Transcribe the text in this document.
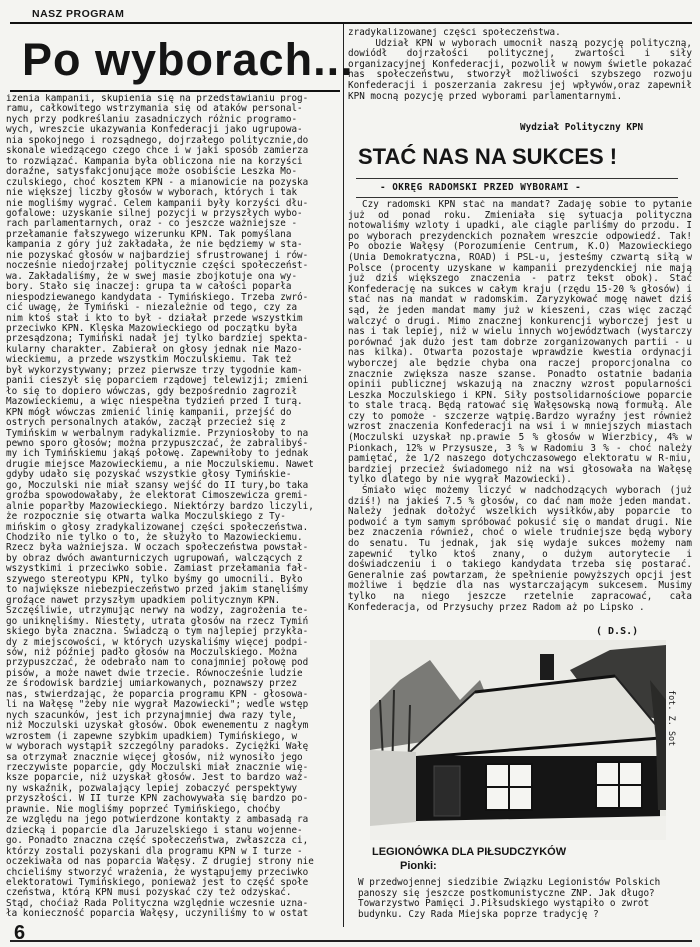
NASZ PROGRAM
Po wyborach...
izenia kampanii, skupienia się na przedstawianiu prog-
ramu, całkowitego wstrzymania się od ataków personal-
nych przy podkreślaniu zasadniczych różnic programo-
wych, wreszcie ukazywania Konfederacji jako ugrupowa-
nia spokojnego i rozsądnego, dojrzałego politycznie,do
skonale wiedzącego czego chce i w jaki sposób zamierza
to rozwiązać. Kampania była obliczona nie na korzyści
doraźne, satysfakcjonujące może osobiście Leszka Mo-
czulskiego, choć kosztem KPN - a mianowicie na pozyska
nie większej liczby głosów w wyborach, których i tak
nie mogliśmy wygrać. Celem kampanii były korzyści dłu-
gofalowe: uzyskanie silnej pozycji w przyszłych wybo-
rach parlamentarnych, oraz - co jeszcze ważniejsze -
przełamanie fałszywego wizerunku KPN. Tak pomyślana
kampania z góry już zakładała, że nie będziemy w sta-
nie pozyskać głosów w najbardziej sfrustrowanej i rów-
nocześnie niedojrzałej politycznie części społeczeńst-
wa. Zakładaliśmy, że w swej masie zbojkotuje ona wy-
bory. Stało się inaczej: grupa ta w całości poparła
niespodziewanego kandydata - Tymińskiego. Trzeba zwró-
cić uwagę, że Tymiński - niezależnie od tego, czy za
nim ktoś stał i kto to był - działał przede wszystkim
przeciwko KPN. Klęska Mazowieckiego od początku była
przesądzona; Tymiński nadał jej tylko bardziej spekta-
kularny charakter. Zabierał on głosy jednak nie Mazo-
wieckiemu, a przede wszystkim Moczulskiemu. Tak też
był wykorzystywany; przez pierwsze trzy tygodnie kam-
panii cieszył się poparciem rządowej telewizji; zmieni
ło się to dopiero wówczas, gdy bezpośrednio zagroził
Mazowieckiemu, a więc niespełna tydzień przed I turą.
KPN mógł wówczas zmienić linię kampanii, przejść do
ostrych personalnych ataków, zaczął przecież się z
Tymińskim w werbalnym radykalizmie. Przyniosłoby to na
pewno sporo głosów; można przypuszczać, że zabralibyś-
my ich Tymińskiemu jakąś połowę. Zapewniłoby to jednak
drugie miejsce Mazowieckiemu, a nie Moczulskiemu. Nawet
gdyby udało się pozyskać wszystkie głosy Tymińskie-
go, Moczulski nie miał szansy wejść do II tury,bo taka
groźba spowodowałaby, że elektorat Cimoszewicza gremi-
alnie poparłby Mazowieckiego. Niektórzy bardzo liczyli,
że rozpocznie się otwarta walka Moczulskiego z Ty-
mińskim o głosy zradykalizowanej części społeczeństwa.
Chodziło nie tylko o to, że służyło to Mazowieckiemu.
Rzecz była ważniejsza. W oczach społeczeństwa powstał-
by obraz dwóch awanturniczych ugrupowań, walczących z
wszystkimi i przeciwko sobie. Zamiast przełamania fał-
szywego stereotypu KPN, tylko byśmy go umocnili. Było
to największe niebezpieczeństwo przed jakim stanęliśmy
groźące nawet przyszłym upadkiem politycznym KPN.
Szczęśliwie, utrzymując nerwy na wodzy, zagrożenia te-
go uniknęliśmy. Niestety, utrata głosów na rzecz Tymiń
skiego była znaczna. Świadczą o tym najlepiej przykła-
dy z miejscowości, w których uzyskaliśmy więcej podpi-
sów, niż później padło głosów na Moczulskiego. Można
przypuszczać, że odebrało nam to conajmniej połowę pod
pisów, a może nawet dwie trzecie. Równocześnie ludzie
ze środowisk bardziej umiarkowanych, poznawszy przez
nas, stwierdzając, że poparcia programu KPN - głosowa-
li na Wałęsę "żeby nie wygrał Mazowiecki"; wedle wstęp
nych szacunków, jest ich przynajmniej dwa razy tyle,
niż Moczulski uzyskał głosów. Obok ewenementu z nagłym
wzrostem (i zapewne szybkim upadkiem) Tymińskiego, w
w wyborach wystąpił szczególny paradoks. Zyciężki Wałę
sa otrzymał znacznie więcej głosów, niż wynosiło jego
rzeczywiste poparcie, gdy Moczulski miał znacznie wię-
ksze poparcie, niż uzyskał głosów. Jest to bardzo waż-
ny wskaźnik, pozwalający lepiej zobaczyć perspektywy
przyszłości. W II turze KPN zachowywała się bardzo po-
prawnie. Nie mogliśmy poprzeć Tymińskiego, choćby
ze względu na jego potwierdzone kontakty z ambasadą ra
dziecką i poparcie dla Jaruzelskiego i stanu wojenne-
go. Ponadto znaczna część społeczeństwa, zwłaszcza ci,
którzy zostali pozyskani dla programu KPN w I turze -
oczekiwała od nas poparcia Wałęsy. Z drugiej strony nie
chcieliśmy stworzyć wrażenia, że wystąpujemy przeciwko
elektoratowi Tymińskiego, ponieważ jest to część społe
czeństwa, którą KPN musi pozyskać czy też odzyskać.
Stąd, choćiaż Rada Polityczna względnie wczesnie uzna-
ła konieczność poparcia Wałęsy, uczyniliśmy to w ostat

zradykalizowanej części społeczeństwa.
Udział KPN w wyborach umocnił naszą pozycję polityczną, dowiódł dojrzałości politycznej, zwartości i siły organizacyjnej Konfederacji, pozwolił w nowym świetle pokazać nas społeczeństwu, stworzył możliwości szybszego rozwoju Konfederacji i poszerzania zakresu jej wpływów,oraz zapewnił KPN mocną pozycję przed wyborami parlamentarnymi.
Wydział Polityczny KPN
STAĆ NAS NA SUKCES !
- OKRĘG RADOMSKI PRZED WYBORAMI -

Czy radomski KPN stać na mandat? Zadaję sobie to pytanie już od ponad roku. Zmieniała się sytuacja polityczna notowaliśmy wzloty i upadki, ale ciągle parliśmy do przodu. I po wyborach prezydenckich poznałem wreszcie odpowiedź. Tak! Po obozie Wałęsy (Porozumienie Centrum, K.O) Mazowieckiego (Unia Demokratyczna, ROAD) i PSL-u, jesteśmy czwartą siłą w Polsce (procenty uzyskane w kampanii prezydenckiej nie mają już dziś większego znaczenia - patrz tekst obok). Stać Konfederację na sukces w całym kraju (rzędu 15-20 % głosów) i stać nas na mandat w radomskim. Zaryzykować mogę nawet dziś sąd, że jeden mandat mamy już w kieszeni, czas więc zacząć walczyć o drugi. Mimo znacznej konkurencji wyborczej jest u nas i tak lepiej, niż w wielu innych województwach (wystarczy porównać jak dużo jest tam dobrze zorganizowanych partii - u nas kilka). Otwarta pozostaje wprawdzie kwestia ordynacji wyborczej ale będzie chyba ona raczej proporcjonalna co znacznie zwiększa nasze szanse. Ponadto ostatnie badania opinii publicznej wskazują na znaczny wzrost popularności Leszka Moczulskiego i KPN. Siły postsolidarnościowe poparcie to stale tracą. Będą ratować się Wałęsowską nową formułą. Ale czy to pomoże - szczerze wątpię.Bardzo wyraźny jest również wzrost znaczenia Konfederacji na wsi i w mniejszych miastach (Moczulski uzyskał np.prawie 5 % głosów w Wierzbicy, 4% w Pionkach, 12% w Przysusze, 3 % w Radomiu 3 % - choć należy pamiętać, że 1/2 naszego dotychczasowego elektoratu w R-miu, bardziej przecież świadomego niż na wsi głosowała na Wałęsę tylko dlatego by nie wygrał Mazowiecki).

Śmiało więc możemy liczyć w nadchodzących wyborach (już dziś!) na jakieś 7.5 % głosów, co dać nam może jeden mandat. Należy jednak dołożyć wszelkich wysiłków,aby poparcie to podwoić a tym samym spróbować pokusić się o mandat drugi. Nie bez znaczenia również, choć o wiele trudniejsze będą wybory do senatu. Tu jednak, jak się wydaje sukces możemy nam zapewnić tylko ktoś znany, o dużym autorytecie i doświadczeniu i o takiego kandydata trzeba się postarać. Generalnie zaś powtarzam, że spełnienie powyższych opcji jest możliwe i będzie dla nas wystarczającym sukcesem. Musimy tylko na niego jeszcze rzetelnie zapracować, cała Konfederacja, od Przysuchy przez Radom aż po Lipsko .

( D.S.)
fot. Z. Sot
LEGIONÓWKA DLA PIŁSUDCZYKÓW
Pionki:
W przedwojennej siedzibie Związku Legionistów Polskich panoszy się jeszcze postkomunistyczne ZNP. Jak długo? Towarzystwo Pamięci J.Piłsudskiego wystąpiło o zwrot budynku. Czy Rada Miejska poprze tradycję ?
6
